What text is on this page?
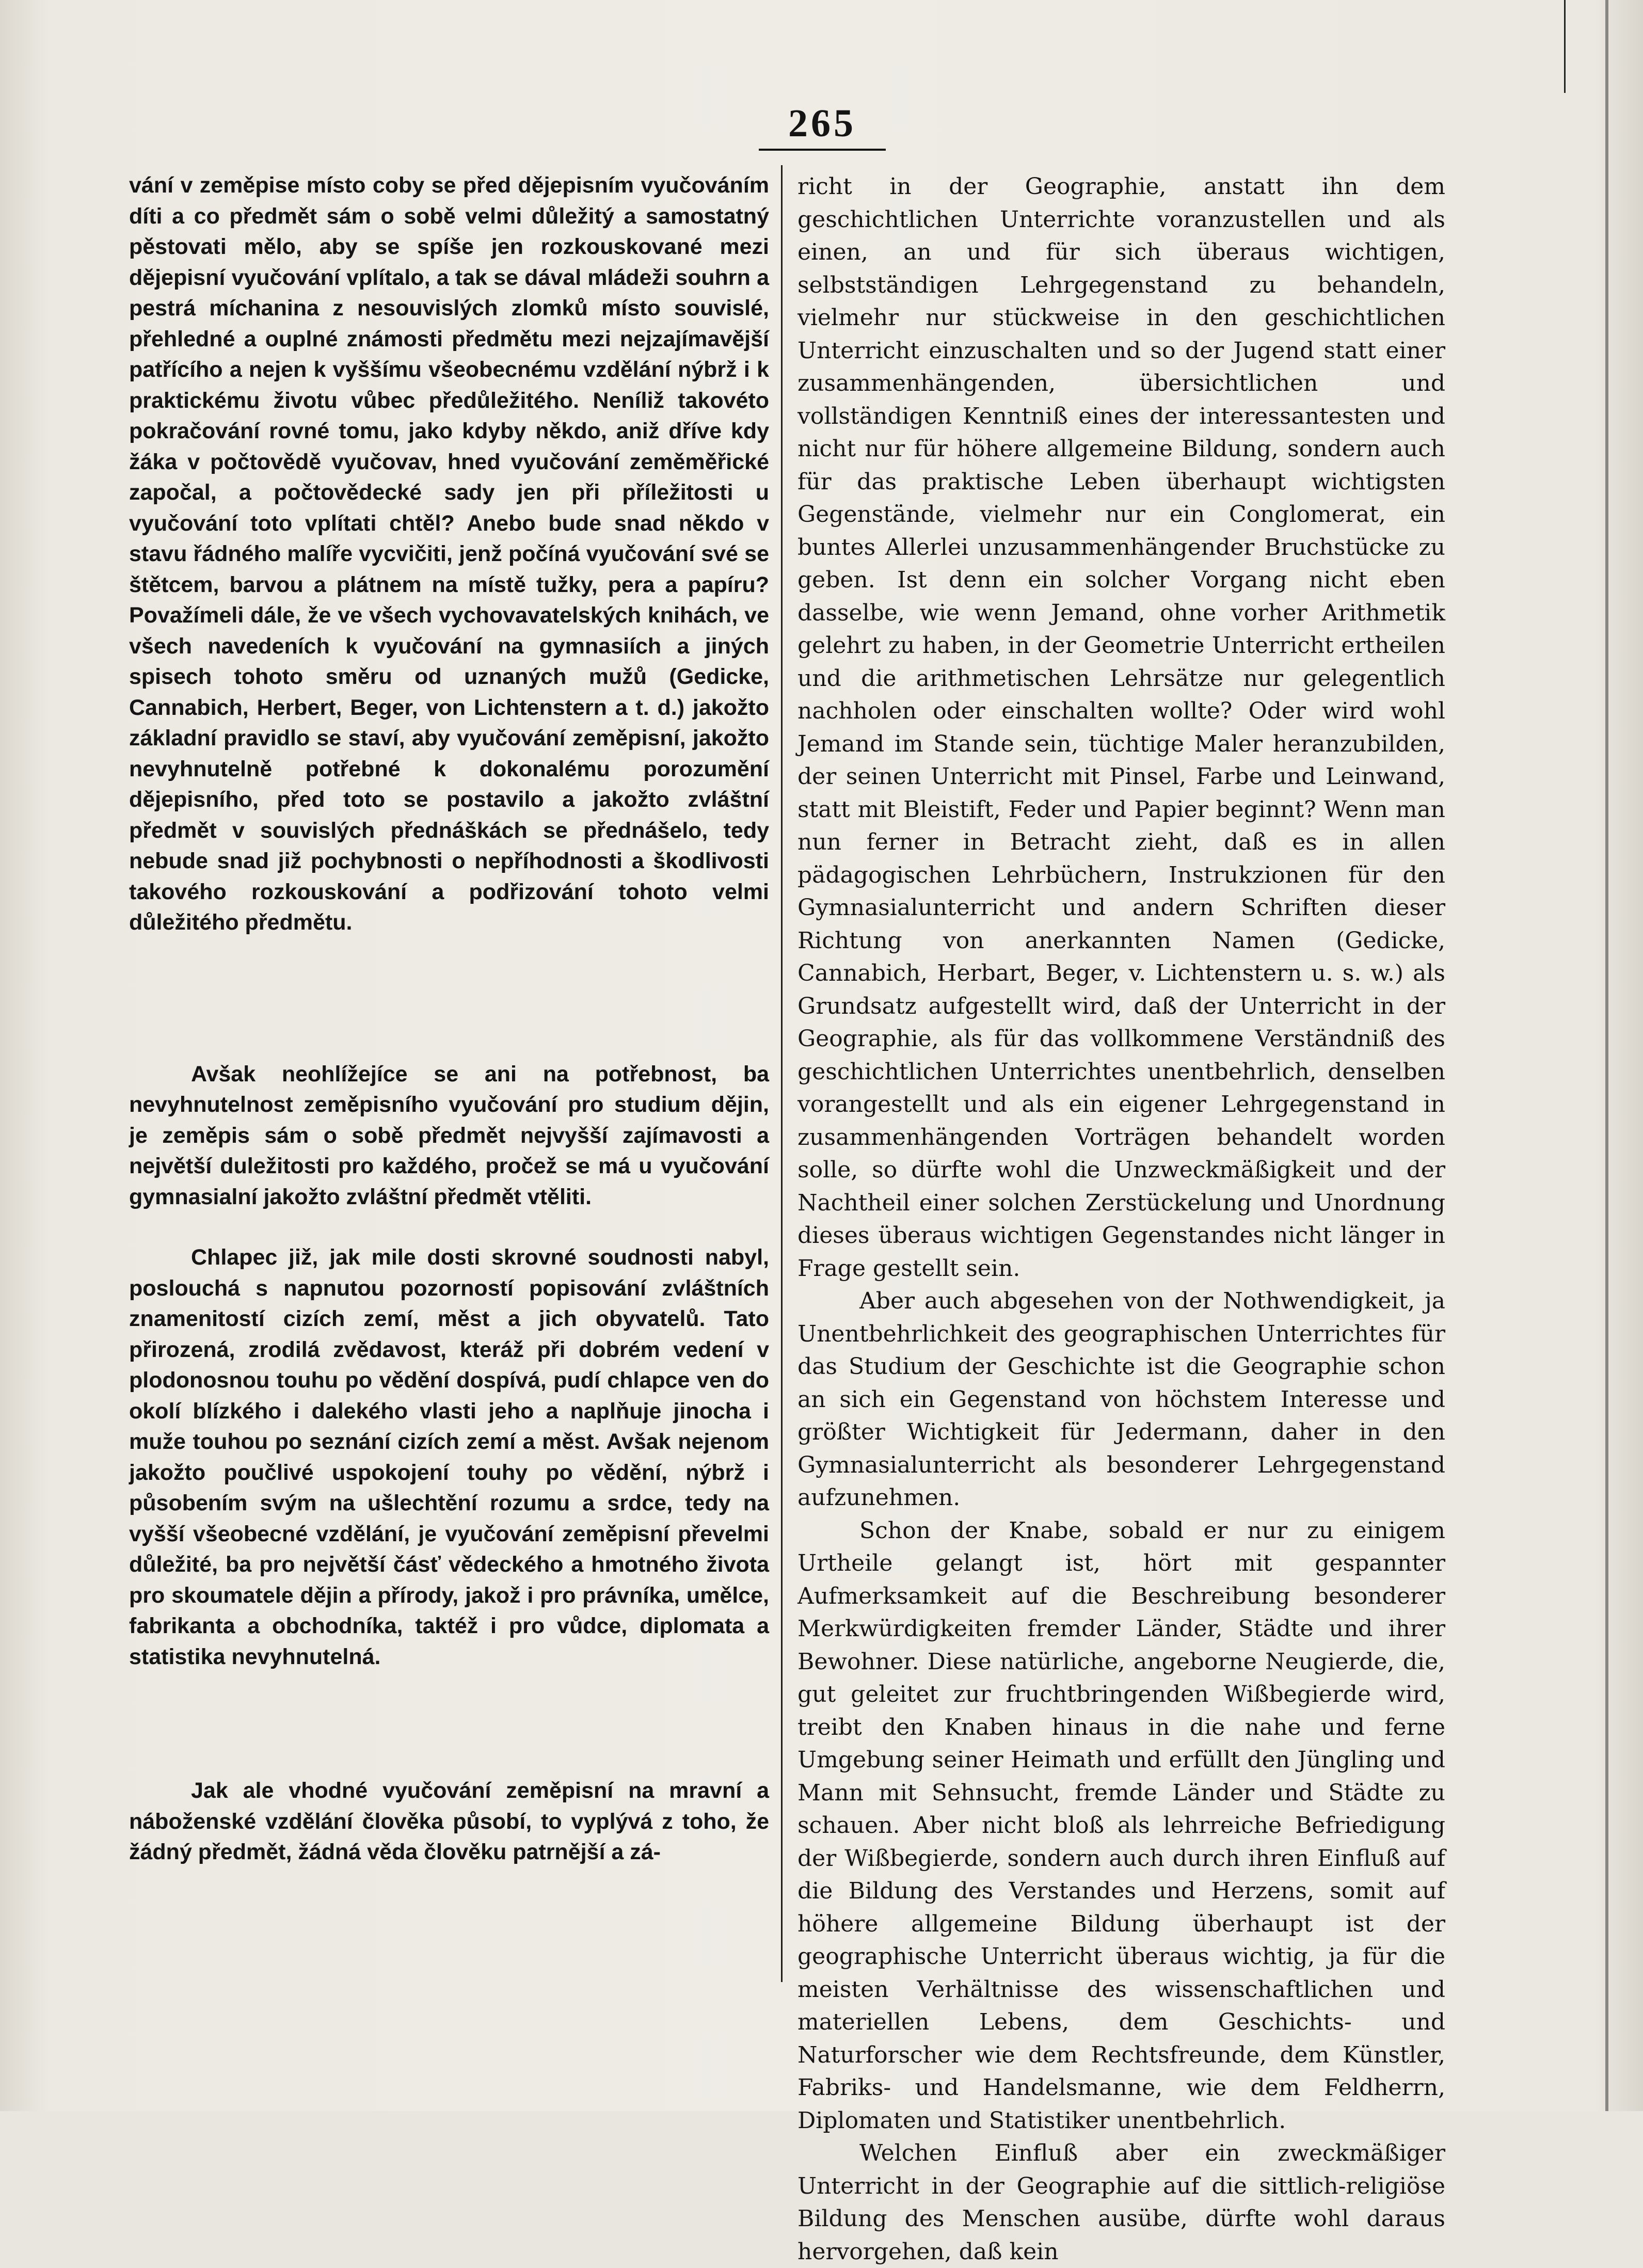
265

vání v zeměpise místo coby se před dějepisním vyučováním díti a co předmět sám o sobě velmi důležitý a samostatný pěstovati mělo, aby se spíše jen rozkouskované mezi dějepisní vyučování vplítalo, a tak se dával mládeži souhrn a pestrá míchanina z nesouvislých zlomků místo souvislé, přehledné a ouplné známosti předmětu mezi nejzajímavější patřícího a nejen k vyššímu všeobecnému vzdělání nýbrž i k praktickému životu vůbec předůležitého. Neníliž takovéto pokračování rovné tomu, jako kdyby někdo, aniž dříve kdy žáka v počtovědě vyučovav, hned vyučování zeměměřické započal, a počtovědecké sady jen při příležitosti u vyučování toto vplítati chtěl? Anebo bude snad někdo v stavu řádného malíře vycvičiti, jenž počíná vyučování své se štětcem, barvou a plátnem na místě tužky, pera a papíru? Považímeli dále, že ve všech vychovavatelských knihách, ve všech navedeních k vyučování na gymnasiích a jiných spisech tohoto směru od uznaných mužů (Gedicke, Cannabich, Herbert, Beger, von Lichtenstern a t. d.) jakožto základní pravidlo se staví, aby vyučování zeměpisní, jakožto nevyhnutelně potřebné k dokonalému porozumění dějepisního, před toto se postavilo a jakožto zvláštní předmět v souvislých přednáškách se přednášelo, tedy nebude snad již pochybnosti o nepříhodnosti a škodlivosti takového rozkouskování a podřizování tohoto velmi důležitého předmětu.

Avšak neohlížejíce se ani na potřebnost, ba nevyhnutelnost zeměpisního vyučování pro studium dějin, je zeměpis sám o sobě předmět nejvyšší zajímavosti a největší duležitosti pro každého, pročež se má u vyučování gymnasialní jakožto zvláštní předmět vtěliti.

Chlapec již, jak mile dosti skrovné soudnosti nabyl, poslouchá s napnutou pozorností popisování zvláštních znamenitostí cizích zemí, měst a jich obyvatelů. Tato přirozená, zrodilá zvědavost, kteráž při dobrém vedení v plodonosnou touhu po vědění dospívá, pudí chlapce ven do okolí blízkého i dalekého vlasti jeho a naplňuje jinocha i muže touhou po seznání cizích zemí a měst. Avšak nejenom jakožto poučlivé uspokojení touhy po vědění, nýbrž i působením svým na ušlechtění rozumu a srdce, tedy na vyšší všeobecné vzdělání, je vyučování zeměpisní převelmi důležité, ba pro největší čásť vědeckého a hmotného života pro skoumatele dějin a přírody, jakož i pro právníka, umělce, fabrikanta a obchodníka, taktéž i pro vůdce, diplomata a statistika nevyhnutelná.

Jak ale vhodné vyučování zeměpisní na mravní a náboženské vzdělání člověka působí, to vyplývá z toho, že žádný předmět, žádná věda člověku patrnější a zá-

richt in der Geographie, anstatt ihn dem geschichtlichen Unterrichte voranzustellen und als einen, an und für sich überaus wichtigen, selbstständigen Lehrgegenstand zu behandeln, vielmehr nur stückweise in den geschichtlichen Unterricht einzuschalten und so der Jugend statt einer zusammenhängenden, übersichtlichen und vollständigen Kenntniß eines der interessantesten und nicht nur für höhere allgemeine Bildung, sondern auch für das praktische Leben überhaupt wichtigsten Gegenstände, vielmehr nur ein Conglomerat, ein buntes Allerlei unzusammenhängender Bruchstücke zu geben. Ist denn ein solcher Vorgang nicht eben dasselbe, wie wenn Jemand, ohne vorher Arithmetik gelehrt zu haben, in der Geometrie Unterricht ertheilen und die arithmetischen Lehrsätze nur gelegentlich nachholen oder einschalten wollte? Oder wird wohl Jemand im Stande sein, tüchtige Maler heranzubilden, der seinen Unterricht mit Pinsel, Farbe und Leinwand, statt mit Bleistift, Feder und Papier beginnt? Wenn man nun ferner in Betracht zieht, daß es in allen pädagogischen Lehrbüchern, Instrukzionen für den Gymnasialunterricht und andern Schriften dieser Richtung von anerkannten Namen (Gedicke, Cannabich, Herbart, Beger, v. Lichtenstern u. s. w.) als Grundsatz aufgestellt wird, daß der Unterricht in der Geographie, als für das vollkommene Verständniß des geschichtlichen Unterrichtes unentbehrlich, denselben vorangestellt und als ein eigener Lehrgegenstand in zusammenhängenden Vorträgen behandelt worden solle, so dürfte wohl die Unzweckmäßigkeit und der Nachtheil einer solchen Zerstückelung und Unordnung dieses überaus wichtigen Gegenstandes nicht länger in Frage gestellt sein.

Aber auch abgesehen von der Nothwendigkeit, ja Unentbehrlichkeit des geographischen Unterrichtes für das Studium der Geschichte ist die Geographie schon an sich ein Gegenstand von höchstem Interesse und größter Wichtigkeit für Jedermann, daher in den Gymnasialunterricht als besonderer Lehrgegenstand aufzunehmen.

Schon der Knabe, sobald er nur zu einigem Urtheile gelangt ist, hört mit gespannter Aufmerksamkeit auf die Beschreibung besonderer Merkwürdigkeiten fremder Länder, Städte und ihrer Bewohner. Diese natürliche, angeborne Neugierde, die, gut geleitet zur fruchtbringenden Wißbegierde wird, treibt den Knaben hinaus in die nahe und ferne Umgebung seiner Heimath und erfüllt den Jüngling und Mann mit Sehnsucht, fremde Länder und Städte zu schauen. Aber nicht bloß als lehrreiche Befriedigung der Wißbegierde, sondern auch durch ihren Einfluß auf die Bildung des Verstandes und Herzens, somit auf höhere allgemeine Bildung überhaupt ist der geographische Unterricht überaus wichtig, ja für die meisten Verhältnisse des wissenschaftlichen und materiellen Lebens, dem Geschichts- und Naturforscher wie dem Rechtsfreunde, dem Künstler, Fabriks- und Handelsmanne, wie dem Feldherrn, Diplomaten und Statistiker unentbehrlich.

Welchen Einfluß aber ein zweckmäßiger Unterricht in der Geographie auf die sittlich-religiöse Bildung des Menschen ausübe, dürfte wohl daraus hervorgehen, daß kein
